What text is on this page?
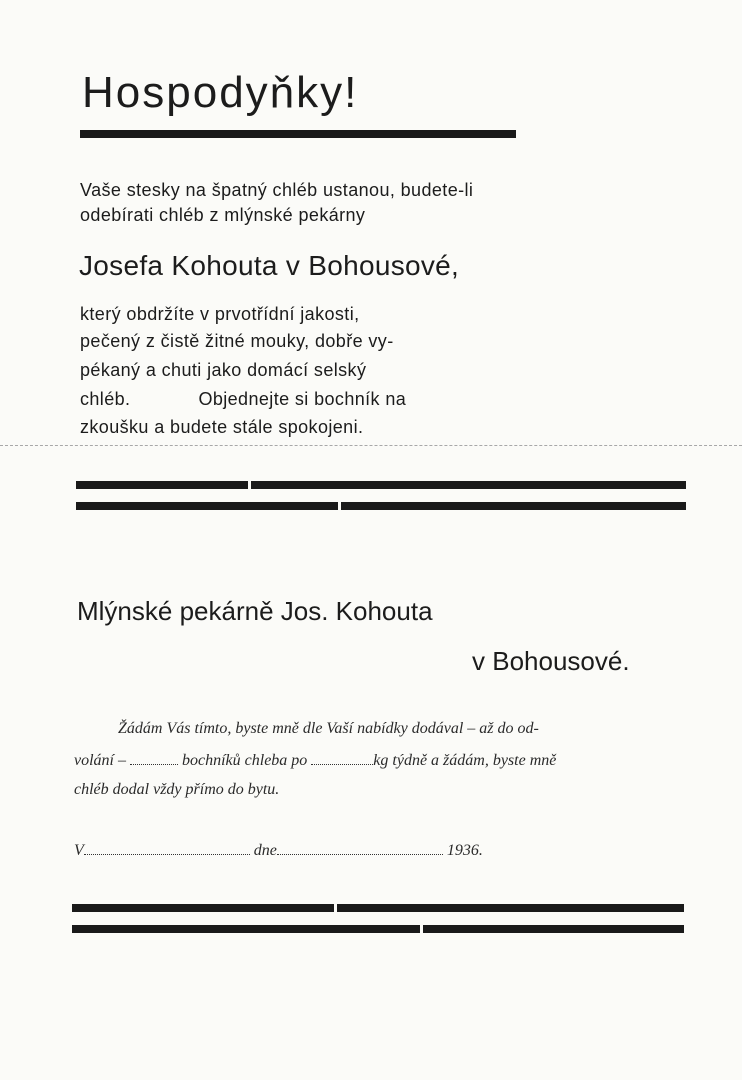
Hospodyňky!
Vaše stesky na špatný chléb ustanou, budete-li
odebírati chléb z mlýnské pekárny
Josefa Kohouta v Bohousové,
který obdržíte v prvotřídní jakosti,
pečený z čistě žitné mouky, dobře vy-
pékaný a chuti jako domácí selský
chléb.	Objednejte si bochník na
zkoušku a budete stále spokojeni.
Mlýnské pekárně Jos. Kohouta
v Bohousové.
Žádám Vás tímto, byste mně dle Vaší nabídky dodával – až do od-
volání –	bochníků chleba po	kg týdně a žádám, byste mně
chléb dodal vždy přímo do bytu.
V	dne	1936.
